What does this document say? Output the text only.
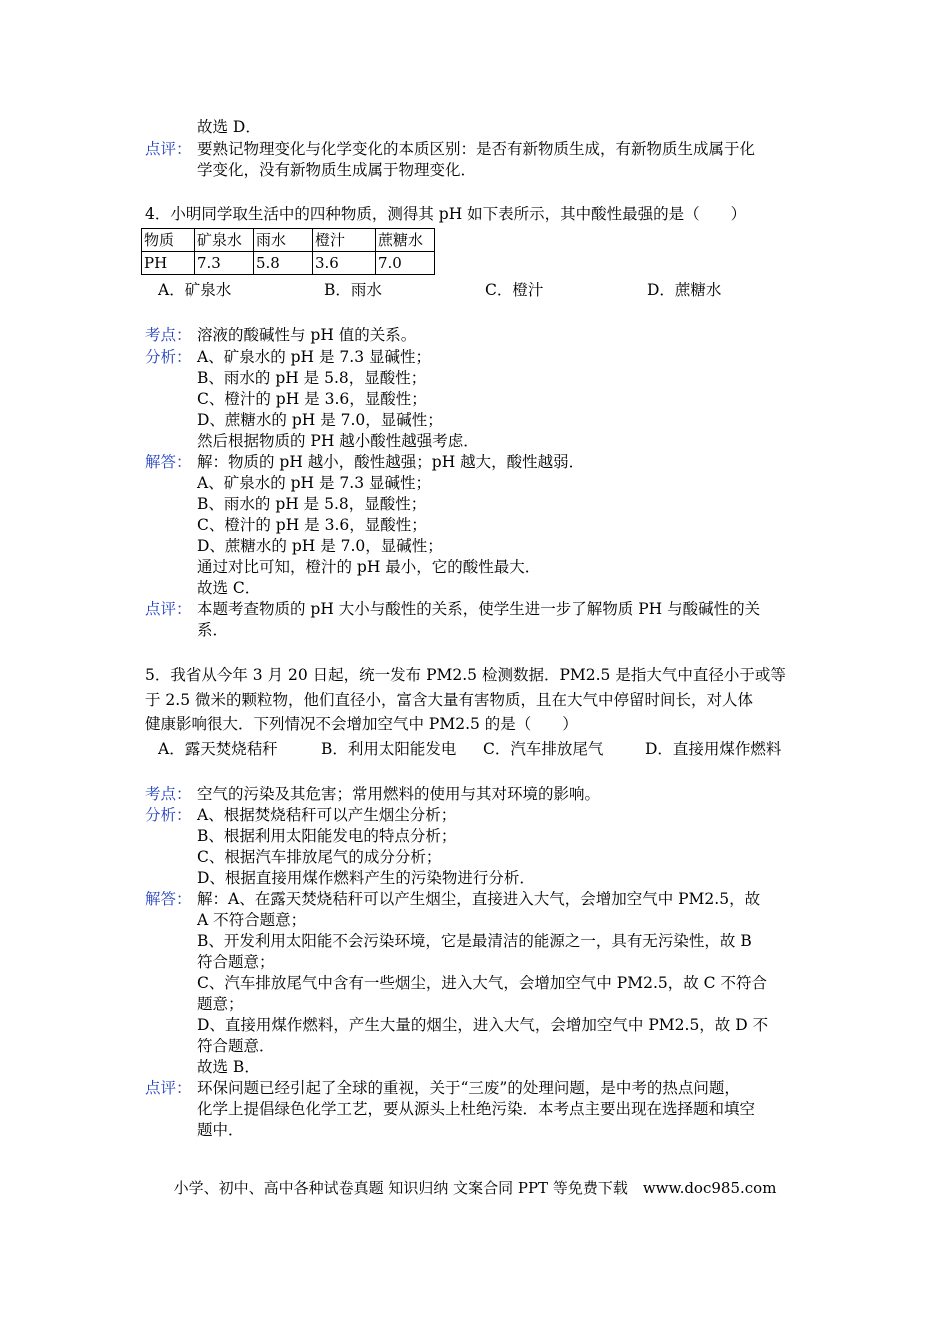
故选 D．
点评： 要熟记物理变化与化学变化的本质区别：是否有新物质生成，有新物质生成属于化
学变化，没有新物质生成属于物理变化．
4．小明同学取生活中的四种物质，测得其 pH 如下表所示，其中酸性最强的是（　　）
物质	矿泉水	雨水	橙汁	蔗糖水
PH	7.3	5.8	3.6	7.0
A．矿泉水	B．雨水	C．橙汁	D．蔗糖水
考点： 溶液的酸碱性与 pH 值的关系。
分析： A、矿泉水的 pH 是 7.3 显碱性；
B、雨水的 pH 是 5.8，显酸性；
C、橙汁的 pH 是 3.6，显酸性；
D、蔗糖水的 pH 是 7.0，显碱性；
然后根据物质的 PH 越小酸性越强考虑．
解答： 解：物质的 pH 越小，酸性越强；pH 越大，酸性越弱．
A、矿泉水的 pH 是 7.3 显碱性；
B、雨水的 pH 是 5.8，显酸性；
C、橙汁的 pH 是 3.6，显酸性；
D、蔗糖水的 pH 是 7.0，显碱性；
通过对比可知，橙汁的 pH 最小，它的酸性最大．
故选 C．
点评： 本题考查物质的 pH 大小与酸性的关系，使学生进一步了解物质 PH 与酸碱性的关
系．
5．我省从今年 3 月 20 日起，统一发布 PM2.5 检测数据．PM2.5 是指大气中直径小于或等
于 2.5 微米的颗粒物，他们直径小，富含大量有害物质，且在大气中停留时间长，对人体
健康影响很大．下列情况不会增加空气中 PM2.5 的是（　　）
A．露天焚烧秸秆	B．利用太阳能发电 C．汽车排放尾气	D．直接用煤作燃料
考点： 空气的污染及其危害；常用燃料的使用与其对环境的影响。
分析： A、根据焚烧秸秆可以产生烟尘分析；
B、根据利用太阳能发电的特点分析；
C、根据汽车排放尾气的成分分析；
D、根据直接用煤作燃料产生的污染物进行分析．
解答： 解：A、在露天焚烧秸秆可以产生烟尘，直接进入大气，会增加空气中 PM2.5，故
A 不符合题意；
B、开发利用太阳能不会污染环境，它是最清洁的能源之一，具有无污染性，故 B
符合题意；
C、汽车排放尾气中含有一些烟尘，进入大气，会增加空气中 PM2.5，故 C 不符合
题意；
D、直接用煤作燃料，产生大量的烟尘，进入大气，会增加空气中 PM2.5，故 D 不
符合题意．
故选 B．
点评： 环保问题已经引起了全球的重视，关于“三废”的处理问题，是中考的热点问题，
化学上提倡绿色化学工艺，要从源头上杜绝污染．本考点主要出现在选择题和填空
题中．
小学、初中、高中各种试卷真题 知识归纳 文案合同 PPT 等免费下载　www.doc985.com
